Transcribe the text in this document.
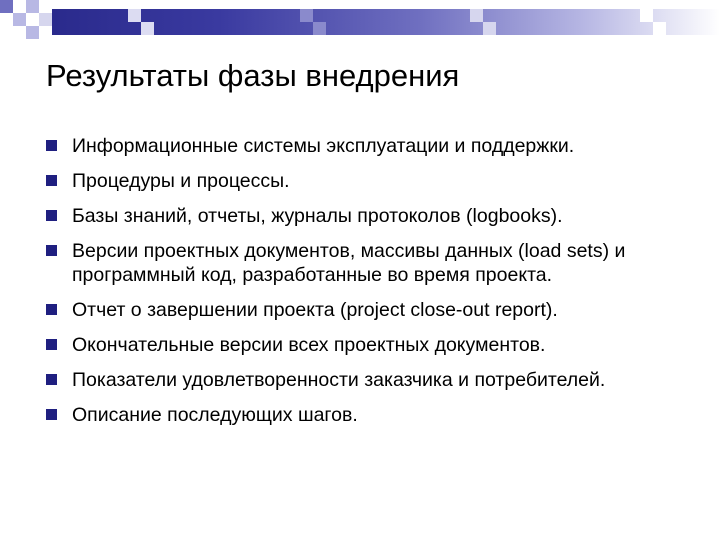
Результаты фазы внедрения
Информационные системы эксплуатации и поддержки.
Процедуры и процессы.
Базы знаний, отчеты, журналы протоколов (logbooks).
Версии проектных документов, массивы данных (load sets) и программный код, разработанные во время проекта.
Отчет о завершении проекта (project close-out report).
Окончательные версии всех проектных документов.
Показатели удовлетворенности заказчика и потребителей.
Описание последующих шагов.
